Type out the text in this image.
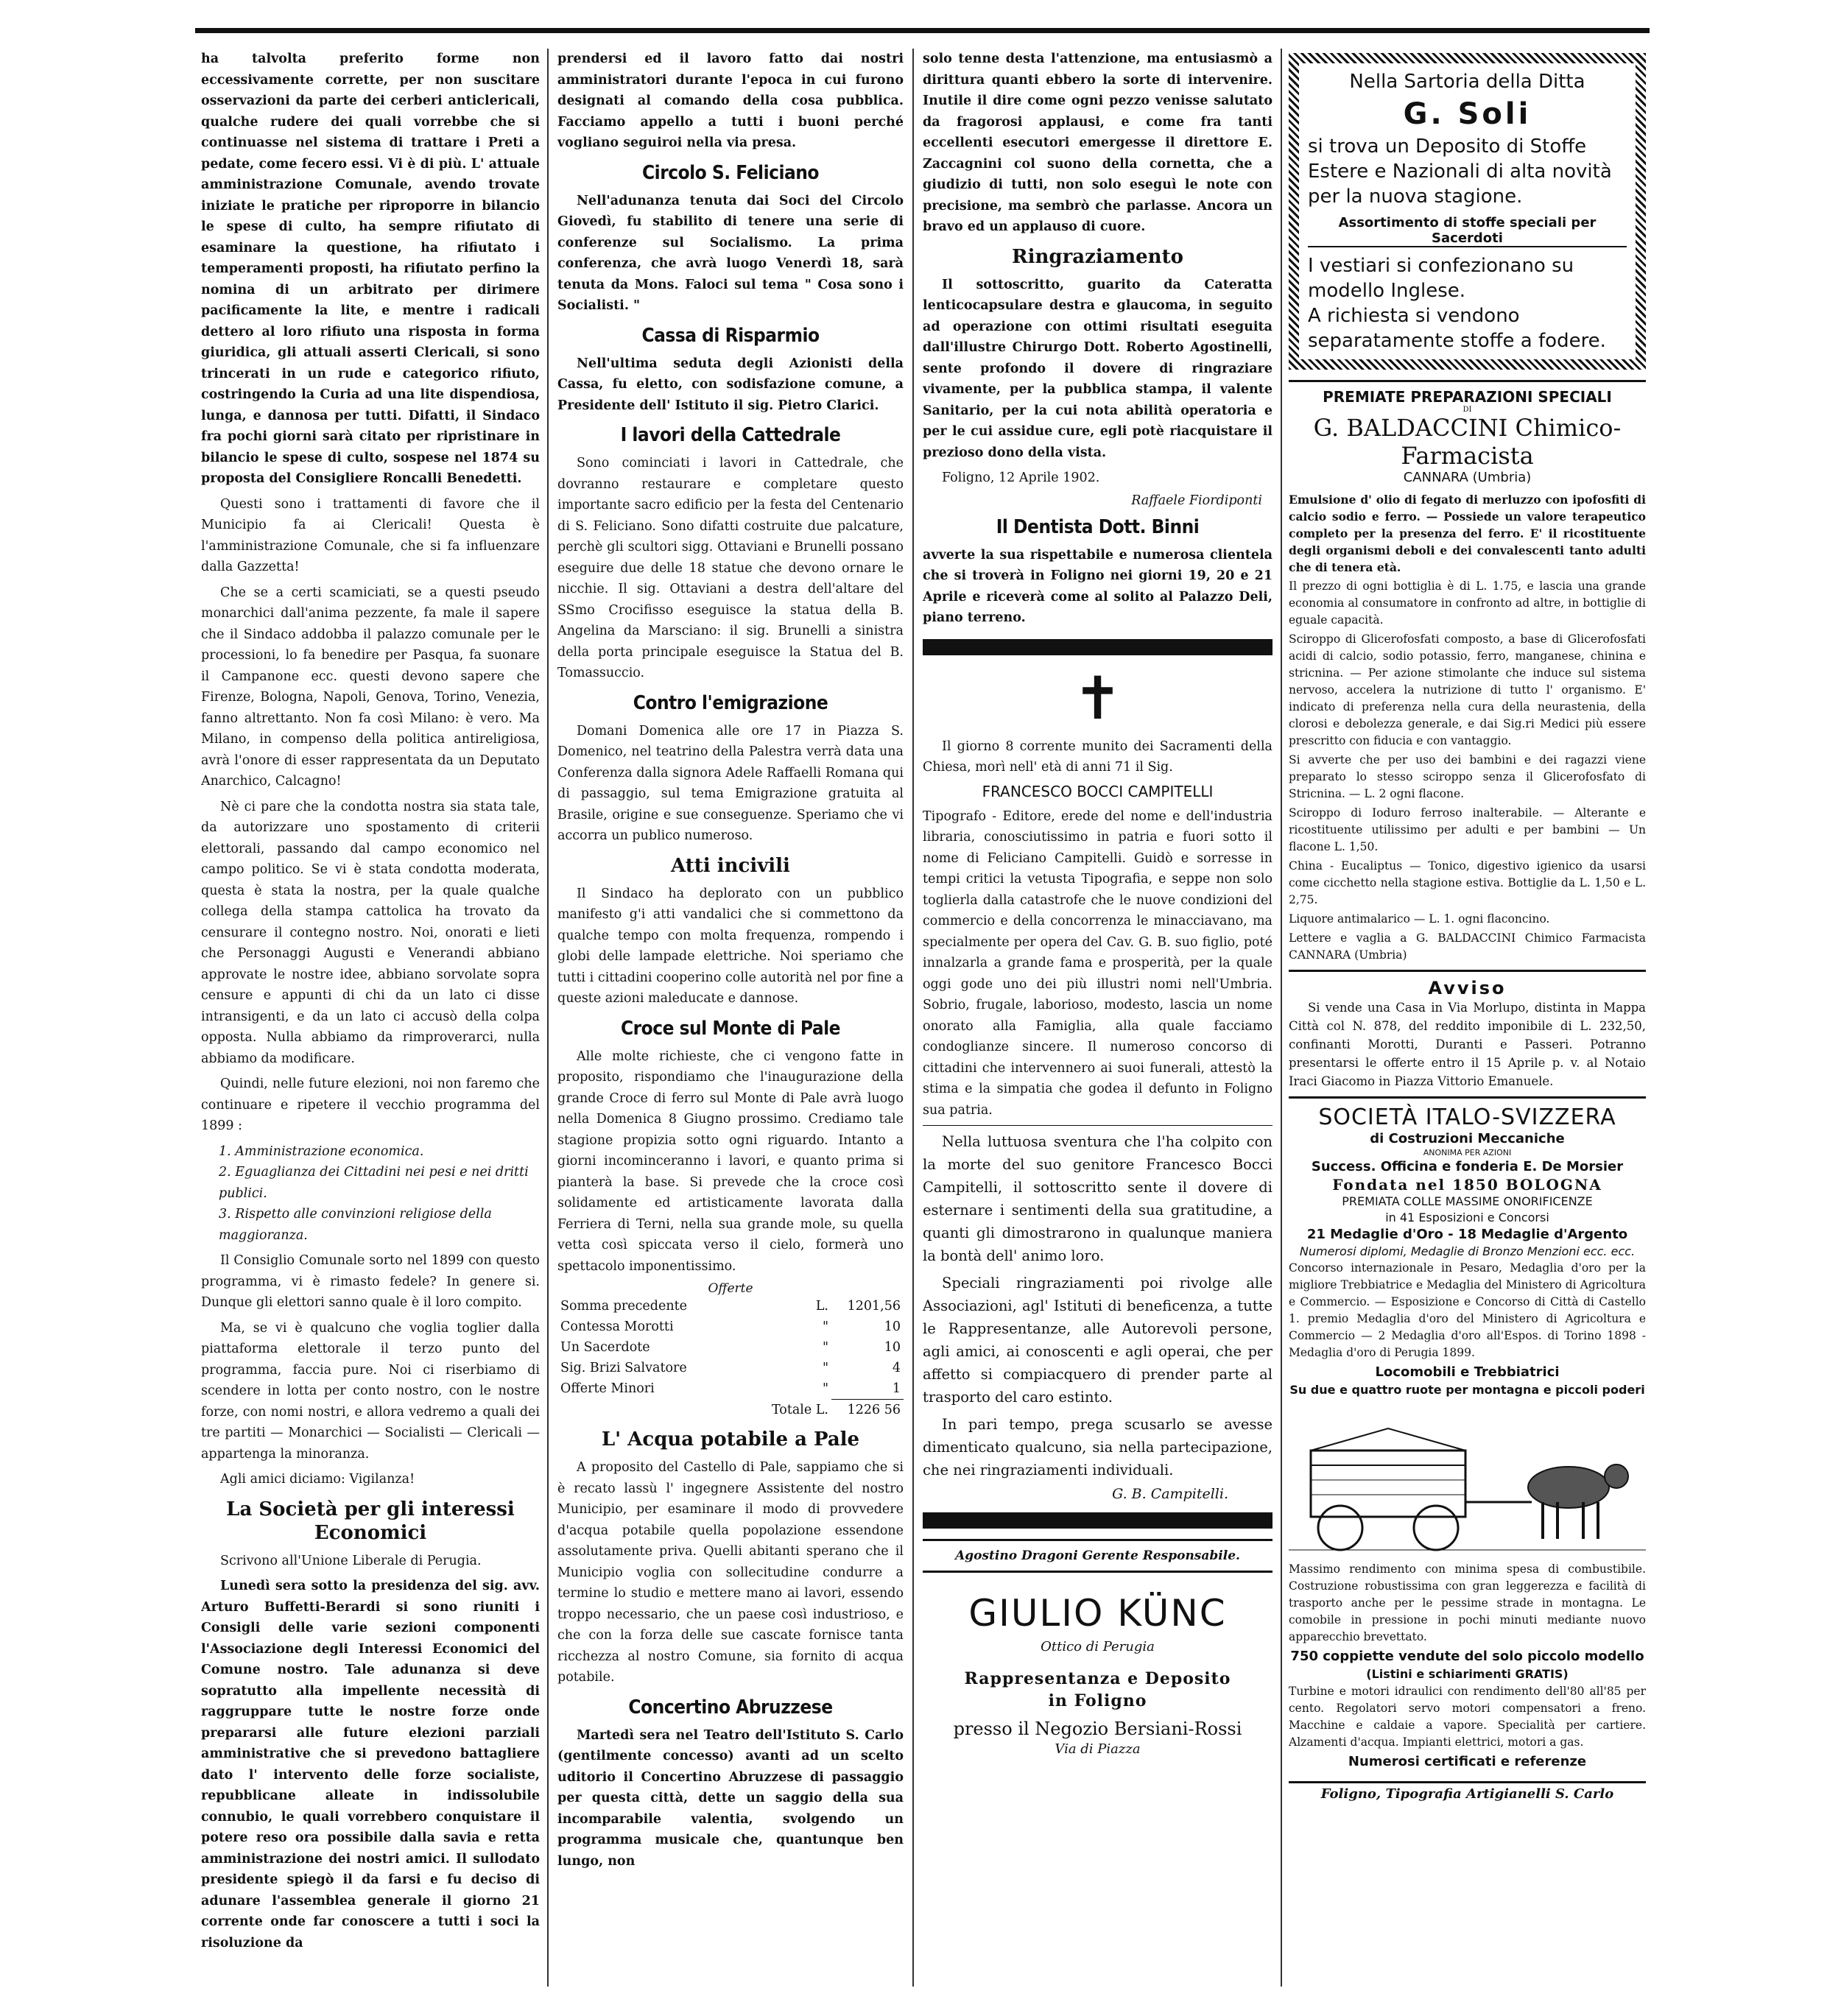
ha talvolta preferito forme non eccessivamente corrette, per non suscitare osservazioni da parte dei cerberi anticlericali, qualche rudere dei quali vorrebbe che si continuasse nel sistema di trattare i Preti a pedate, come fecero essi. Vi è di più. L' attuale amministrazione Comunale, avendo trovate iniziate le pratiche per riproporre in bilancio le spese di culto, ha sempre rifiutato di esaminare la questione, ha rifiutato i temperamenti proposti, ha rifiutato perfino la nomina di un arbitrato per dirimere pacificamente la lite, e mentre i radicali dettero al loro rifiuto una risposta in forma giuridica, gli attuali asserti Clericali, si sono trincerati in un rude e categorico rifiuto, costringendo la Curia ad una lite dispendiosa, lunga, e dannosa per tutti. Difatti, il Sindaco fra pochi giorni sarà citato per ripristinare in bilancio le spese di culto, sospese nel 1874 su proposta del Consigliere Roncalli Benedetti.

Questi sono i trattamenti di favore che il Municipio fa ai Clericali! Questa è l'amministrazione Comunale, che si fa influenzare dalla Gazzetta!

Che se a certi scamiciati, se a questi pseudo monarchici dall'anima pezzente, fa male il sapere che il Sindaco addobba il palazzo comunale per le processioni, lo fa benedire per Pasqua, fa suonare il Campanone ecc. questi devono sapere che Firenze, Bologna, Napoli, Genova, Torino, Venezia, fanno altrettanto. Non fa così Milano: è vero. Ma Milano, in compenso della politica antireligiosa, avrà l'onore di esser rappresentata da un Deputato Anarchico, Calcagno!

Nè ci pare che la condotta nostra sia stata tale, da autorizzare uno spostamento di criterii elettorali, passando dal campo economico nel campo politico. Se vi è stata condotta moderata, questa è stata la nostra, per la quale qualche collega della stampa cattolica ha trovato da censurare il contegno nostro. Noi, onorati e lieti che Personaggi Augusti e Venerandi abbiano approvate le nostre idee, abbiano sorvolate sopra censure e appunti di chi da un lato ci disse intransigenti, e da un lato ci accusò della colpa opposta. Nulla abbiamo da rimproverarci, nulla abbiamo da modificare.

Quindi, nelle future elezioni, noi non faremo che continuare e ripetere il vecchio programma del 1899 :

1. Amministrazione economica.
2. Eguaglianza dei Cittadini nei pesi e nei dritti publici.
3. Rispetto alle convinzioni religiose della maggioranza.

Il Consiglio Comunale sorto nel 1899 con questo programma, vi è rimasto fedele? In genere si. Dunque gli elettori sanno quale è il loro compito.

Ma, se vi è qualcuno che voglia toglier dalla piattaforma elettorale il terzo punto del programma, faccia pure. Noi ci riserbiamo di scendere in lotta per conto nostro, con le nostre forze, con nomi nostri, e allora vedremo a quali dei tre partiti — Monarchici — Socialisti — Clericali — appartenga la minoranza.

Agli amici diciamo: Vigilanza!

La Società per gli interessi Economici

Scrivono all'Unione Liberale di Perugia.

Lunedì sera sotto la presidenza del sig. avv. Arturo Buffetti-Berardi si sono riuniti i Consigli delle varie sezioni componenti l'Associazione degli Interessi Economici del Comune nostro. Tale adunanza si deve sopratutto alla impellente necessità di raggruppare tutte le nostre forze onde prepararsi alle future elezioni parziali amministrative che si prevedono battagliere dato l' intervento delle forze socialiste, repubblicane alleate in indissolubile connubio, le quali vorrebbero conquistare il potere reso ora possibile dalla savia e retta amministrazione dei nostri amici. Il sullodato presidente spiegò il da farsi e fu deciso di adunare l'assemblea generale il giorno 21 corrente onde far conoscere a tutti i soci la risoluzione da

prendersi ed il lavoro fatto dai nostri amministratori durante l'epoca in cui furono designati al comando della cosa pubblica. Facciamo appello a tutti i buoni perché vogliano seguiroi nella via presa.

Circolo S. Feliciano

Nell'adunanza tenuta dai Soci del Circolo Giovedì, fu stabilito di tenere una serie di conferenze sul Socialismo. La prima conferenza, che avrà luogo Venerdì 18, sarà tenuta da Mons. Faloci sul tema " Cosa sono i Socialisti. "

Cassa di Risparmio

Nell'ultima seduta degli Azionisti della Cassa, fu eletto, con sodisfazione comune, a Presidente dell' Istituto il sig. Pietro Clarici.

I lavori della Cattedrale

Sono cominciati i lavori in Cattedrale, che dovranno restaurare e completare questo importante sacro edificio per la festa del Centenario di S. Feliciano. Sono difatti costruite due palcature, perchè gli scultori sigg. Ottaviani e Brunelli possano eseguire due delle 18 statue che devono ornare le nicchie. Il sig. Ottaviani a destra dell'altare del SSmo Crocifisso eseguisce la statua della B. Angelina da Marsciano: il sig. Brunelli a sinistra della porta principale eseguisce la Statua del B. Tomassuccio.

Contro l'emigrazione

Domani Domenica alle ore 17 in Piazza S. Domenico, nel teatrino della Palestra verrà data una Conferenza dalla signora Adele Raffaelli Romana qui di passaggio, sul tema Emigrazione gratuita al Brasile, origine e sue conseguenze. Speriamo che vi accorra un publico numeroso.

Atti incivili

Il Sindaco ha deplorato con un pubblico manifesto g'i atti vandalici che si commettono da qualche tempo con molta frequenza, rompendo i globi delle lampade elettriche. Noi speriamo che tutti i cittadini cooperino colle autorità nel por fine a queste azioni maleducate e dannose.

Croce sul Monte di Pale

Alle molte richieste, che ci vengono fatte in proposito, rispondiamo che l'inaugurazione della grande Croce di ferro sul Monte di Pale avrà luogo nella Domenica 8 Giugno prossimo. Crediamo tale stagione propizia sotto ogni riguardo. Intanto a giorni incominceranno i lavori, e quanto prima si pianterà la base. Si prevede che la croce così solidamente ed artisticamente lavorata dalla Ferriera di Terni, nella sua grande mole, su quella vetta così spiccata verso il cielo, formerà uno spettacolo imponentissimo.

Offerte
Somma precedente	L.	1201,56
Contessa Morotti	"	10
Un Sacerdote	"	10
Sig. Brizi Salvatore	"	4
Offerte Minori	"	1
Totale L.		1226 56
L' Acqua potabile a Pale

A proposito del Castello di Pale, sappiamo che si è recato lassù l' ingegnere Assistente del nostro Municipio, per esaminare il modo di provvedere d'acqua potabile quella popolazione essendone assolutamente priva. Quelli abitanti sperano che il Municipio voglia con sollecitudine condurre a termine lo studio e mettere mano ai lavori, essendo troppo necessario, che un paese così industrioso, e che con la forza delle sue cascate fornisce tanta ricchezza al nostro Comune, sia fornito di acqua potabile.

Concertino Abruzzese

Martedì sera nel Teatro dell'Istituto S. Carlo (gentilmente concesso) avanti ad un scelto uditorio il Concertino Abruzzese di passaggio per questa città, dette un saggio della sua incomparabile valentia, svolgendo un programma musicale che, quantunque ben lungo, non

solo tenne desta l'attenzione, ma entusiasmò a dirittura quanti ebbero la sorte di intervenire. Inutile il dire come ogni pezzo venisse salutato da fragorosi applausi, e come fra tanti eccellenti esecutori emergesse il direttore E. Zaccagnini col suono della cornetta, che a giudizio di tutti, non solo eseguì le note con precisione, ma sembrò che parlasse. Ancora un bravo ed un applauso di cuore.

Ringraziamento

Il sottoscritto, guarito da Cateratta lenticocapsulare destra e glaucoma, in seguito ad operazione con ottimi risultati eseguita dall'illustre Chirurgo Dott. Roberto Agostinelli, sente profondo il dovere di ringraziare vivamente, per la pubblica stampa, il valente Sanitario, per la cui nota abilità operatoria e per le cui assidue cure, egli potè riacquistare il prezioso dono della vista.

Foligno, 12 Aprile 1902.

Raffaele Fiordiponti
Il Dentista Dott. Binni

avverte la sua rispettabile e numerosa clientela che si troverà in Foligno nei giorni 19, 20 e 21 Aprile e riceverà come al solito al Palazzo Deli, piano terreno.

✝

Il giorno 8 corrente munito dei Sacramenti della Chiesa, morì nell' età di anni 71 il Sig.

FRANCESCO BOCCI CAMPITELLI

Tipografo - Editore, erede del nome e dell'industria libraria, conosciutissimo in patria e fuori sotto il nome di Feliciano Campitelli. Guidò e sorresse in tempi critici la vetusta Tipografia, e seppe non solo toglierla dalla catastrofe che le nuove condizioni del commercio e della concorrenza le minacciavano, ma specialmente per opera del Cav. G. B. suo figlio, poté innalzarla a grande fama e prosperità, per la quale oggi gode uno dei più illustri nomi nell'Umbria. Sobrio, frugale, laborioso, modesto, lascia un nome onorato alla Famiglia, alla quale facciamo condoglianze sincere. Il numeroso concorso di cittadini che intervennero ai suoi funerali, attestò la stima e la simpatia che godea il defunto in Foligno sua patria.

Nella luttuosa sventura che l'ha colpito con la morte del suo genitore Francesco Bocci Campitelli, il sottoscritto sente il dovere di esternare i sentimenti della sua gratitudine, a quanti gli dimostrarono in qualunque maniera la bontà dell' animo loro.

Speciali ringraziamenti poi rivolge alle Associazioni, agl' Istituti di beneficenza, a tutte le Rappresentanze, alle Autorevoli persone, agli amici, ai conoscenti e agli operai, che per affetto si compiacquero di prender parte al trasporto del caro estinto.

In pari tempo, prega scusarlo se avesse dimenticato qualcuno, sia nella partecipazione, che nei ringraziamenti individuali.

G. B. Campitelli.
Agostino Dragoni Gerente Responsabile.
GIULIO KÜNC
Ottico di Perugia
Rappresentanza e Deposito
in Foligno
presso il Negozio Bersiani-Rossi
Via di Piazza
Nella Sartoria della Ditta
G. Soli
si trova un Deposito di Stoffe Estere e Nazionali di alta novità per la nuova stagione.
Assortimento di stoffe speciali per Sacerdoti
I vestiari si confezionano su modello Inglese.
A richiesta si vendono separatamente stoffe a fodere.
PREMIATE PREPARAZIONI SPECIALI
DI
G. BALDACCINI Chimico-Farmacista
CANNARA (Umbria)

Emulsione d' olio di fegato di merluzzo con ipofosfiti di calcio sodio e ferro. — Possiede un valore terapeutico completo per la presenza del ferro. E' il ricostituente degli organismi deboli e dei convalescenti tanto adulti che di tenera età.

Il prezzo di ogni bottiglia è di L. 1.75, e lascia una grande economia al consumatore in confronto ad altre, in bottiglie di eguale capacità.

Sciroppo di Glicerofosfati composto, a base di Glicerofosfati acidi di calcio, sodio potassio, ferro, manganese, chinina e stricnina. — Per azione stimolante che induce sul sistema nervoso, accelera la nutrizione di tutto l' organismo. E' indicato di preferenza nella cura della neurastenia, della clorosi e debolezza generale, e dai Sig.ri Medici più essere prescritto con fiducia e con vantaggio.

Si avverte che per uso dei bambini e dei ragazzi viene preparato lo stesso sciroppo senza il Glicerofosfato di Stricnina. — L. 2 ogni flacone.

Sciroppo di Ioduro ferroso inalterabile. — Alterante e ricostituente utilissimo per adulti e per bambini — Un flacone L. 1,50.

China - Eucaliptus — Tonico, digestivo igienico da usarsi come cicchetto nella stagione estiva. Bottiglie da L. 1,50 e L. 2,75.

Liquore antimalarico — L. 1. ogni flaconcino.

Lettere e vaglia a G. BALDACCINI Chimico Farmacista CANNARA (Umbria)

Avviso

Si vende una Casa in Via Morlupo, distinta in Mappa Città col N. 878, del reddito imponibile di L. 232,50, confinanti Morotti, Duranti e Passeri. Potranno presentarsi le offerte entro il 15 Aprile p. v. al Notaio Iraci Giacomo in Piazza Vittorio Emanuele.

SOCIETÀ ITALO-SVIZZERA
di Costruzioni Meccaniche
ANONIMA PER AZIONI
Success. Officina e fonderia E. De Morsier
Fondata nel 1850 BOLOGNA
PREMIATA COLLE MASSIME ONORIFICENZE
in 41 Esposizioni e Concorsi
21 Medaglie d'Oro - 18 Medaglie d'Argento
Numerosi diplomi, Medaglie di Bronzo Menzioni ecc. ecc.

Concorso internazionale in Pesaro, Medaglia d'oro per la migliore Trebbiatrice e Medaglia del Ministero di Agricoltura e Commercio. — Esposizione e Concorso di Città di Castello 1. premio Medaglia d'oro del Ministero di Agricoltura e Commercio — 2 Medaglia d'oro all'Espos. di Torino 1898 - Medaglia d'oro di Perugia 1899.

Locomobili e Trebbiatrici
Su due e quattro ruote per montagna e piccoli poderi

Massimo rendimento con minima spesa di combustibile. Costruzione robustissima con gran leggerezza e facilità di trasporto anche per le pessime strade in montagna. Le comobile in pressione in pochi minuti mediante nuovo apparecchio brevettato.

750 coppiette vendute del solo piccolo modello
(Listini e schiarimenti GRATIS)

Turbine e motori idraulici con rendimento dell'80 all'85 per cento. Regolatori servo motori compensatori a freno. Macchine e caldaie a vapore. Specialità per cartiere. Alzamenti d'acqua. Impianti elettrici, motori a gas.

Numerosi certificati e referenze
Foligno, Tipografia Artigianelli S. Carlo
